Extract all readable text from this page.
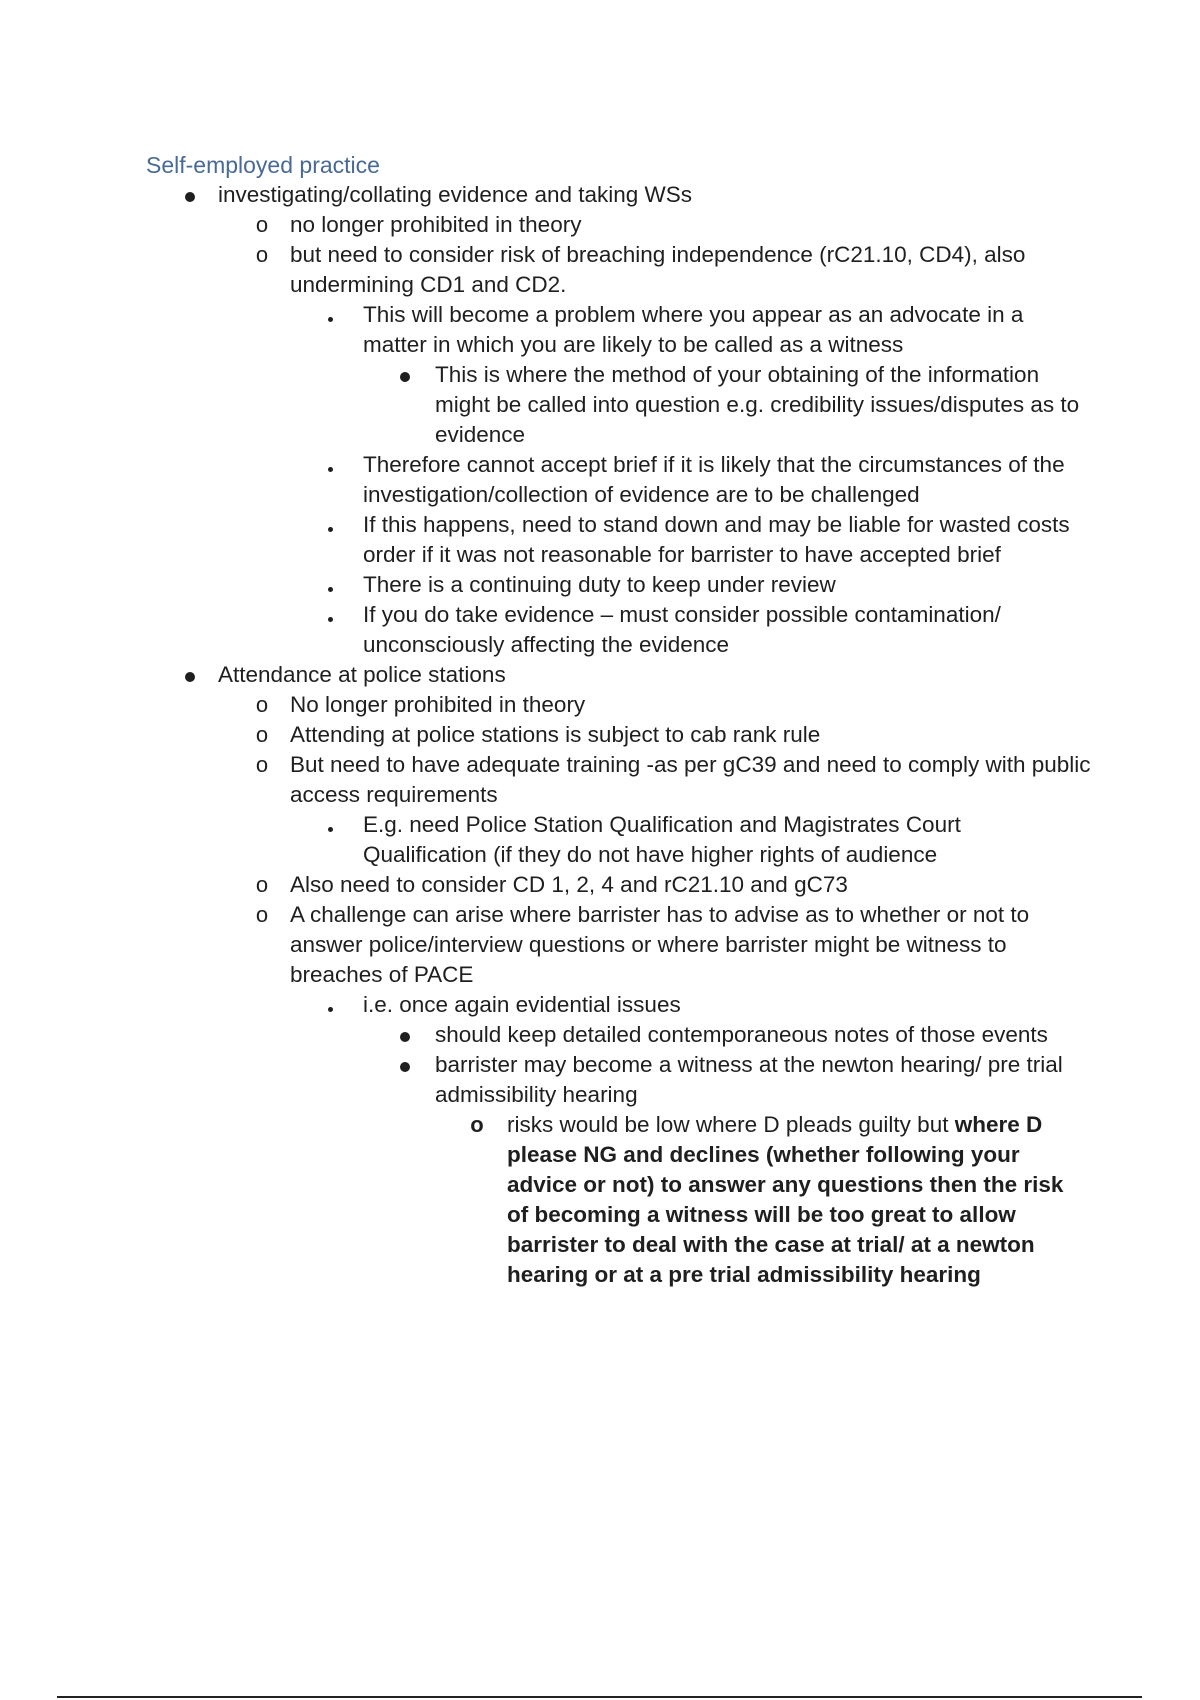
Self-employed practice
investigating/collating evidence and taking WSs
o no longer prohibited in theory
o but need to consider risk of breaching independence (rC21.10, CD4), also undermining CD1 and CD2.
This will become a problem where you appear as an advocate in a matter in which you are likely to be called as a witness
This is where the method of your obtaining of the information might be called into question e.g. credibility issues/disputes as to evidence
Therefore cannot accept brief if it is likely that the circumstances of the investigation/collection of evidence are to be challenged
If this happens, need to stand down and may be liable for wasted costs order if it was not reasonable for barrister to have accepted brief
There is a continuing duty to keep under review
If you do take evidence – must consider possible contamination/ unconsciously affecting the evidence
Attendance at police stations
o No longer prohibited in theory
o Attending at police stations is subject to cab rank rule
o But need to have adequate training -as per gC39 and need to comply with public access requirements
E.g. need Police Station Qualification and Magistrates Court Qualification (if they do not have higher rights of audience
o Also need to consider CD 1, 2, 4 and rC21.10 and gC73
o A challenge can arise where barrister has to advise as to whether or not to answer police/interview questions or where barrister might be witness to breaches of PACE
i.e. once again evidential issues
should keep detailed contemporaneous notes of those events
barrister may become a witness at the newton hearing/ pre trial admissibility hearing
o risks would be low where D pleads guilty but where D please NG and declines (whether following your advice or not) to answer any questions then the risk of becoming a witness will be too great to allow barrister to deal with the case at trial/ at a newton hearing or at a pre trial admissibility hearing
